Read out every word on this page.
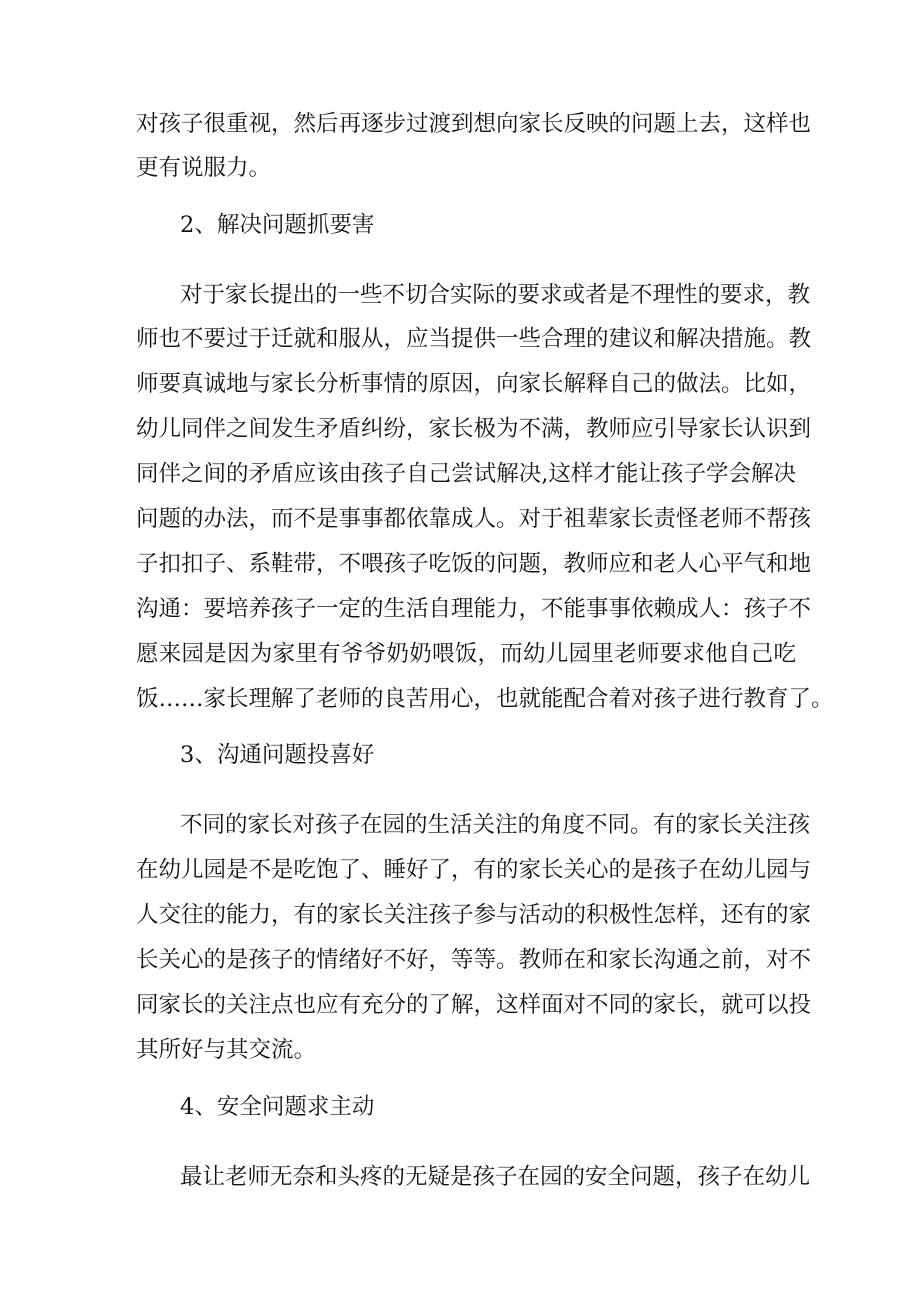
对孩子很重视，然后再逐步过渡到想向家长反映的问题上去，这样也
更有说服力。
2、解决问题抓要害
对于家长提出的一些不切合实际的要求或者是不理性的要求，教
师也不要过于迁就和服从，应当提供一些合理的建议和解决措施。教
师要真诚地与家长分析事情的原因，向家长解释自己的做法。比如，
幼儿同伴之间发生矛盾纠纷，家长极为不满，教师应引导家长认识到
同伴之间的矛盾应该由孩子自己尝试解决,这样才能让孩子学会解决
问题的办法，而不是事事都依靠成人。对于祖辈家长责怪老师不帮孩
子扣扣子、系鞋带，不喂孩子吃饭的问题，教师应和老人心平气和地
沟通：要培养孩子一定的生活自理能力，不能事事依赖成人：孩子不
愿来园是因为家里有爷爷奶奶喂饭，而幼儿园里老师要求他自己吃
饭……家长理解了老师的良苦用心，也就能配合着对孩子进行教育了。
3、沟通问题投喜好
不同的家长对孩子在园的生活关注的角度不同。有的家长关注孩
在幼儿园是不是吃饱了、睡好了，有的家长关心的是孩子在幼儿园与
人交往的能力，有的家长关注孩子参与活动的积极性怎样，还有的家
长关心的是孩子的情绪好不好，等等。教师在和家长沟通之前，对不
同家长的关注点也应有充分的了解，这样面对不同的家长，就可以投
其所好与其交流。
4、安全问题求主动
最让老师无奈和头疼的无疑是孩子在园的安全问题，孩子在幼儿
